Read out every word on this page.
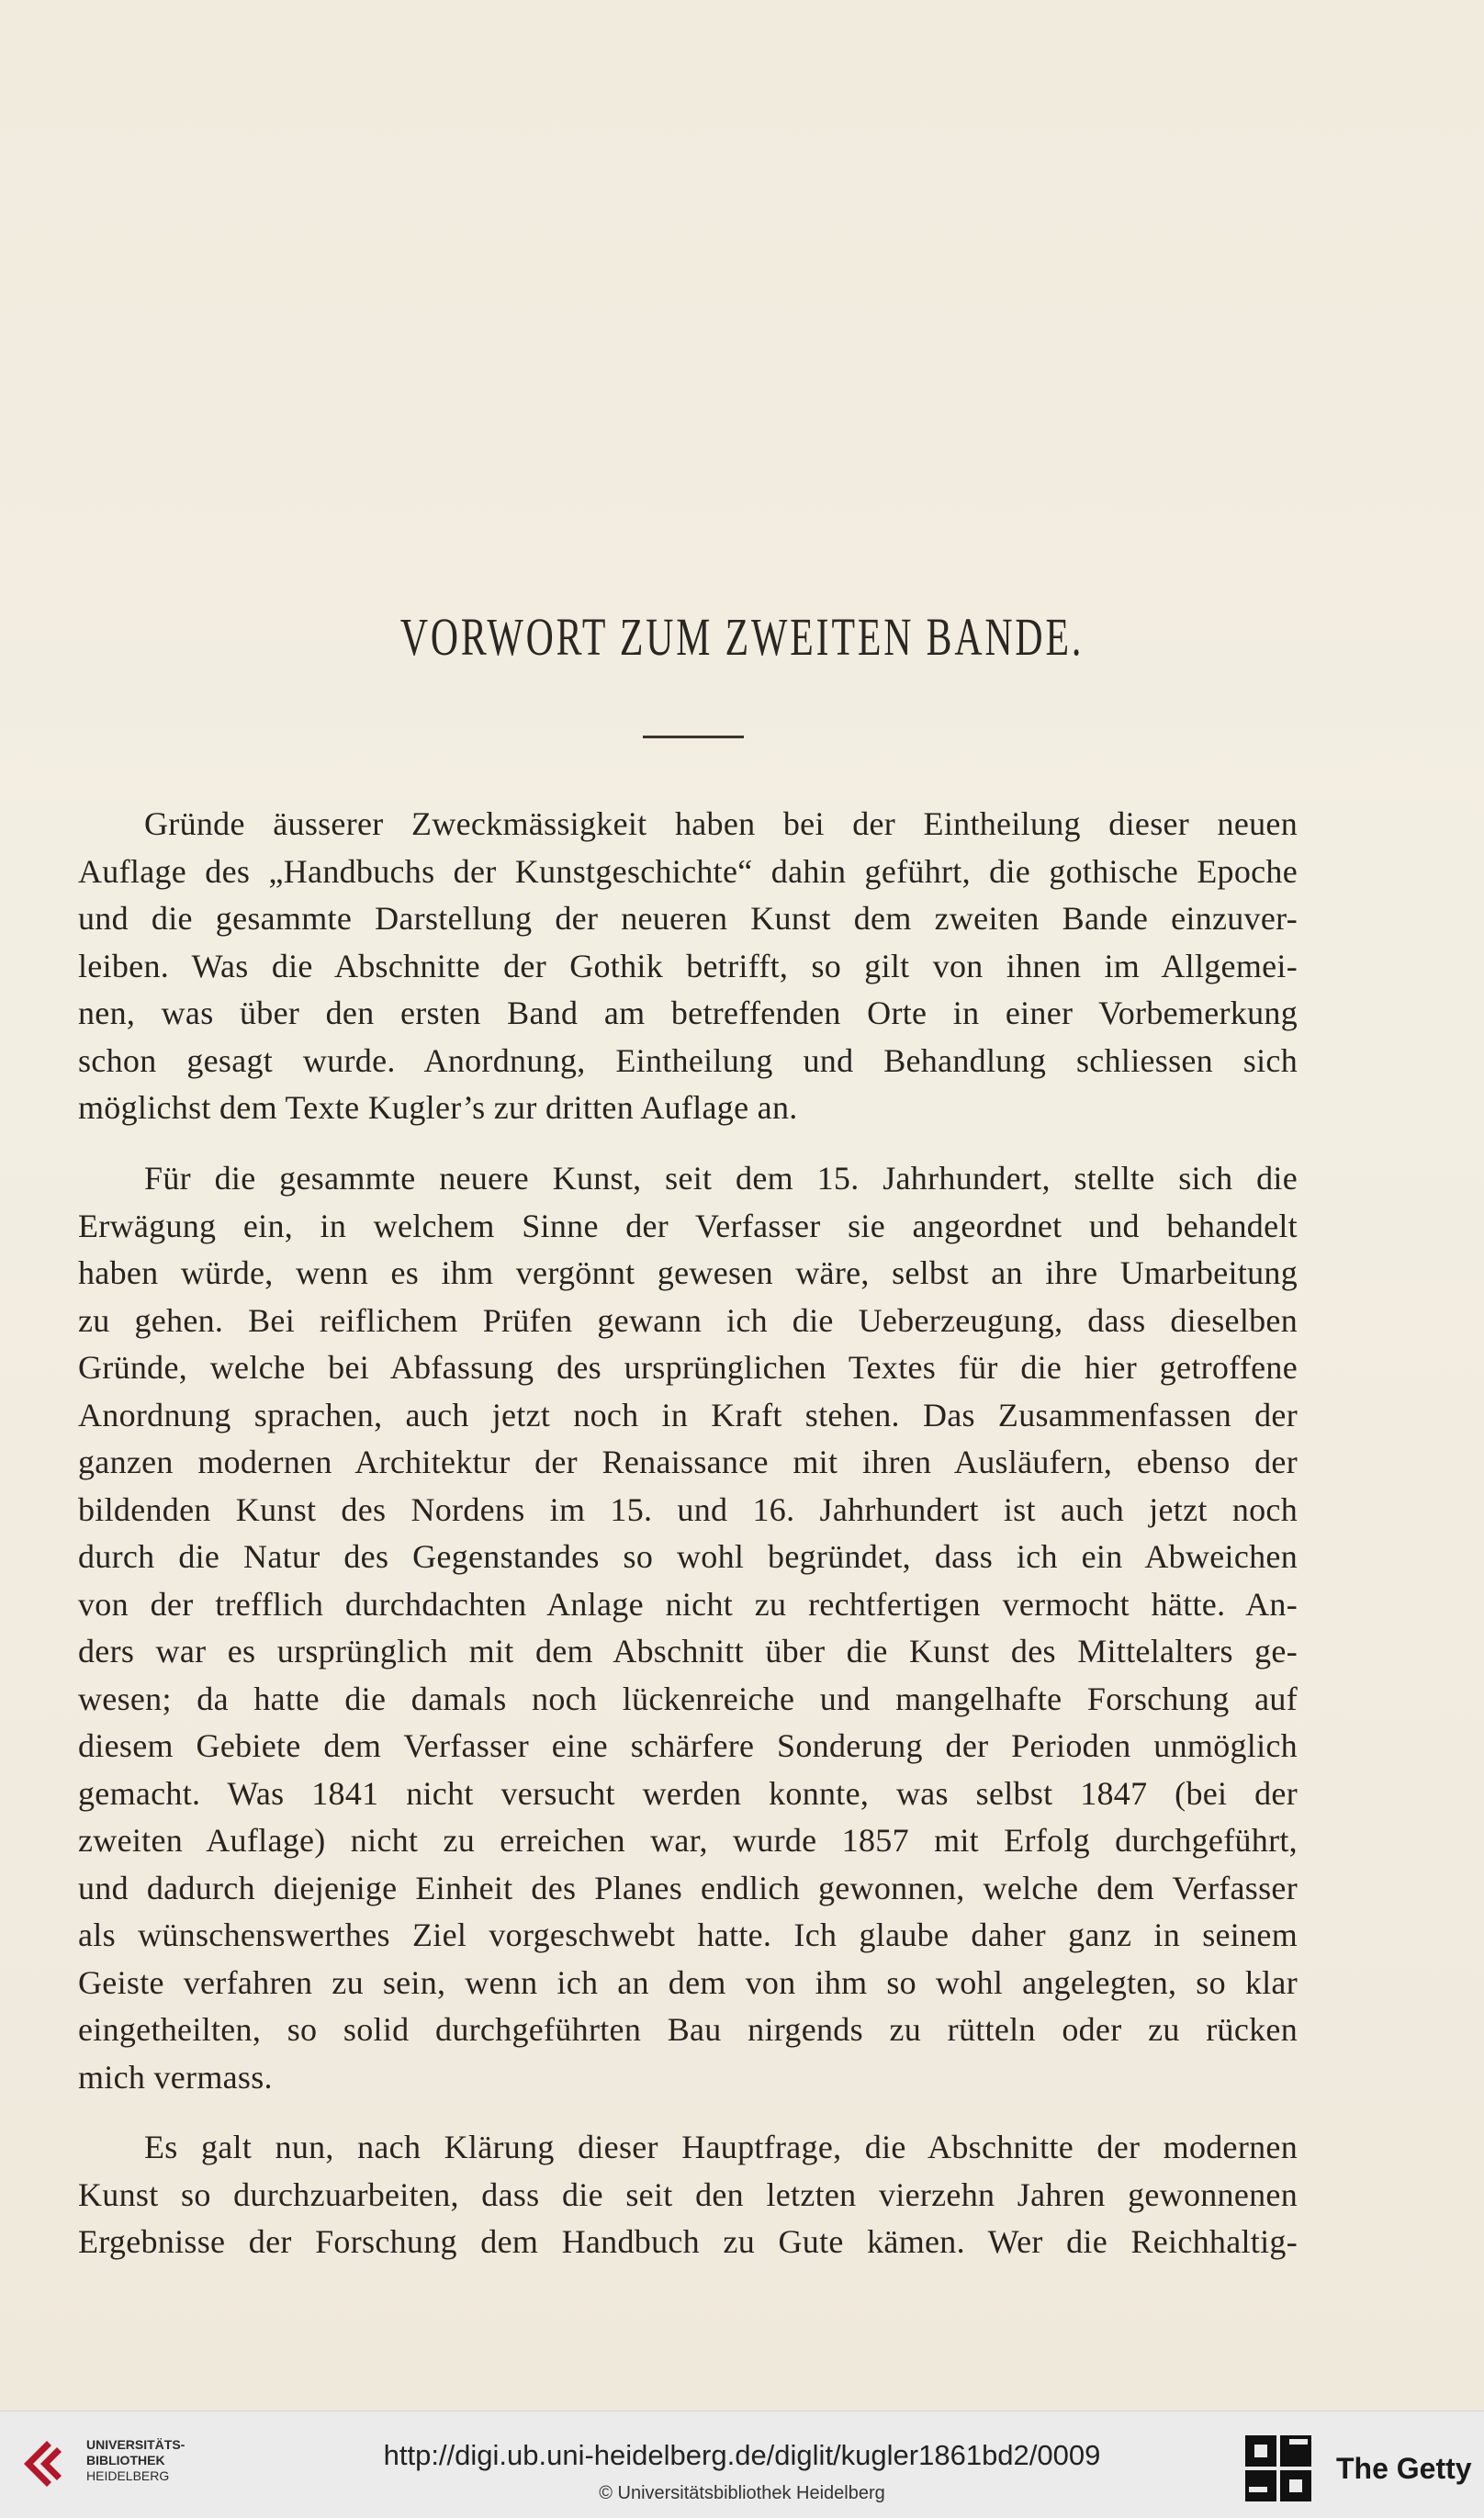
VORWORT ZUM ZWEITEN BANDE.
Gründe äusserer Zweckmässigkeit haben bei der Eintheilung dieser neuen
Auflage des „Handbuchs der Kunstgeschichte“ dahin geführt, die gothische Epoche
und die gesammte Darstellung der neueren Kunst dem zweiten Bande einzuver-
leiben. Was die Abschnitte der Gothik betrifft, so gilt von ihnen im Allgemei-
nen, was über den ersten Band am betreffenden Orte in einer Vorbemerkung
schon gesagt wurde. Anordnung, Eintheilung und Behandlung schliessen sich
möglichst dem Texte Kugler’s zur dritten Auflage an.
Für die gesammte neuere Kunst, seit dem 15. Jahrhundert, stellte sich die
Erwägung ein, in welchem Sinne der Verfasser sie angeordnet und behandelt
haben würde, wenn es ihm vergönnt gewesen wäre, selbst an ihre Umarbeitung
zu gehen. Bei reiflichem Prüfen gewann ich die Ueberzeugung, dass dieselben
Gründe, welche bei Abfassung des ursprünglichen Textes für die hier getroffene
Anordnung sprachen, auch jetzt noch in Kraft stehen. Das Zusammenfassen der
ganzen modernen Architektur der Renaissance mit ihren Ausläufern, ebenso der
bildenden Kunst des Nordens im 15. und 16. Jahrhundert ist auch jetzt noch
durch die Natur des Gegenstandes so wohl begründet, dass ich ein Abweichen
von der trefflich durchdachten Anlage nicht zu rechtfertigen vermocht hätte. An-
ders war es ursprünglich mit dem Abschnitt über die Kunst des Mittelalters ge-
wesen; da hatte die damals noch lückenreiche und mangelhafte Forschung auf
diesem Gebiete dem Verfasser eine schärfere Sonderung der Perioden unmöglich
gemacht. Was 1841 nicht versucht werden konnte, was selbst 1847 (bei der
zweiten Auflage) nicht zu erreichen war, wurde 1857 mit Erfolg durchgeführt,
und dadurch diejenige Einheit des Planes endlich gewonnen, welche dem Verfasser
als wünschenswerthes Ziel vorgeschwebt hatte. Ich glaube daher ganz in seinem
Geiste verfahren zu sein, wenn ich an dem von ihm so wohl angelegten, so klar
eingetheilten, so solid durchgeführten Bau nirgends zu rütteln oder zu rücken
mich vermass.
Es galt nun, nach Klärung dieser Hauptfrage, die Abschnitte der modernen
Kunst so durchzuarbeiten, dass die seit den letzten vierzehn Jahren gewonnenen
Ergebnisse der Forschung dem Handbuch zu Gute kämen. Wer die Reichhaltig-
UNIVERSITÄTS-
BIBLIOTHEK
HEIDELBERG
http://digi.ub.uni-heidelberg.de/diglit/kugler1861bd2/0009
© Universitätsbibliothek Heidelberg
The Getty
